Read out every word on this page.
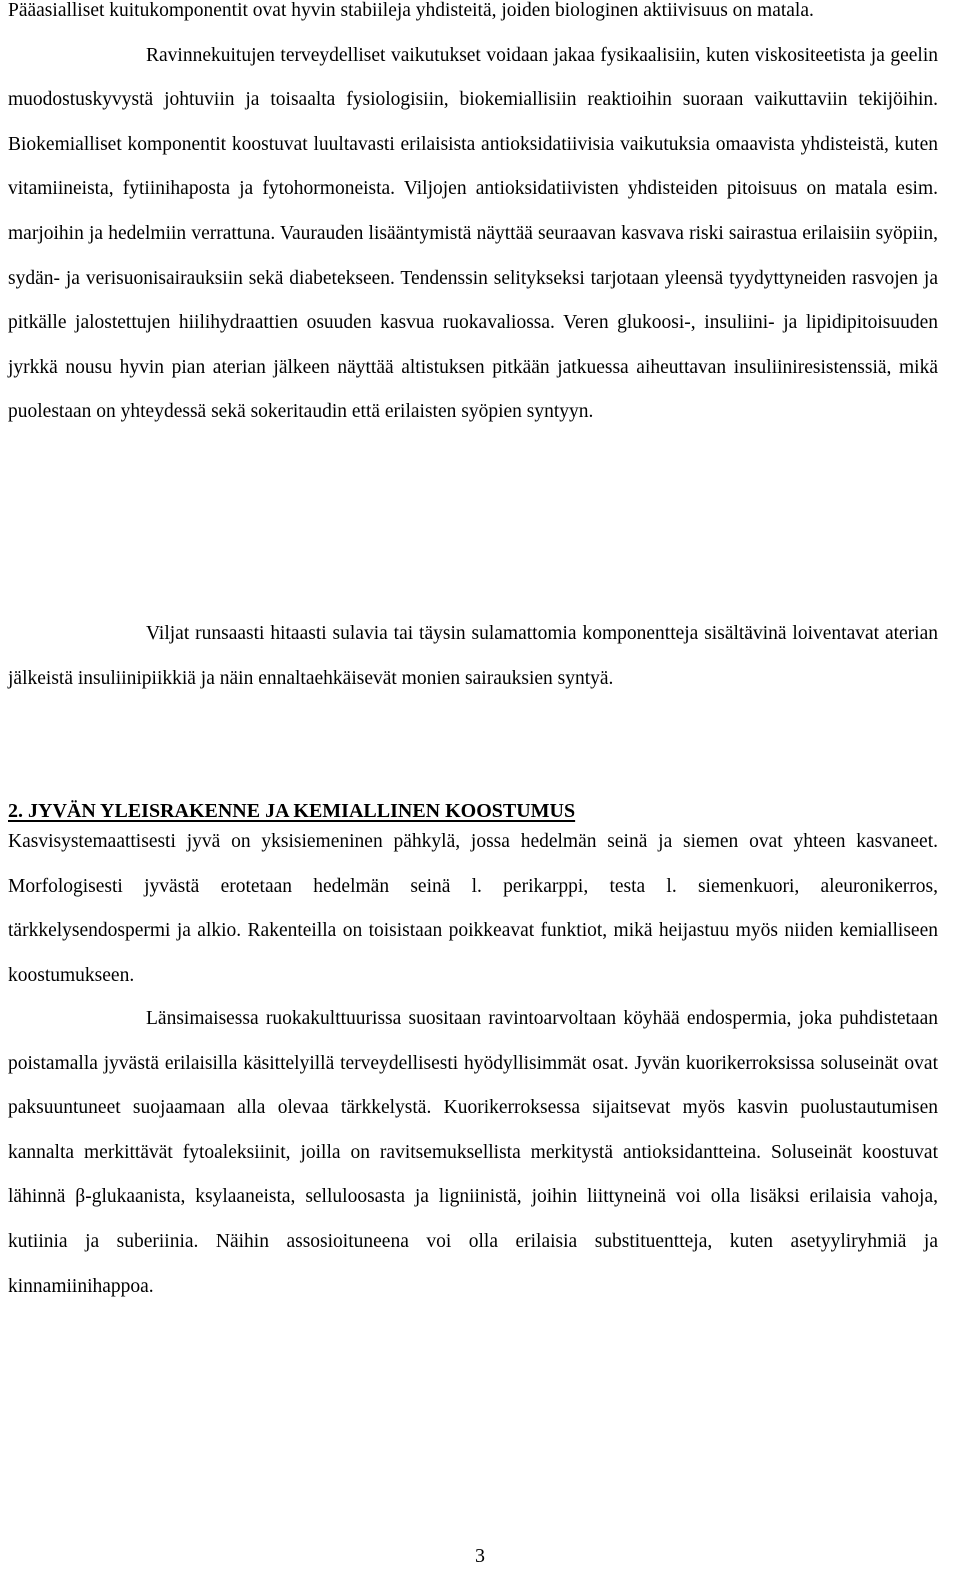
Pääasialliset kuitukomponentit ovat hyvin stabiileja yhdisteitä, joiden biologinen aktiivisuus on matala.
Ravinnekuitujen terveydelliset vaikutukset voidaan jakaa fysikaalisiin, kuten viskositeetista ja geelin muodostuskyvystä johtuviin ja toisaalta fysiologisiin, biokemiallisiin reaktioihin suoraan vaikuttaviin tekijöihin. Biokemialliset komponentit koostuvat luultavasti erilaisista antioksidatiivisia vaikutuksia omaavista yhdisteistä, kuten vitamiineista, fytiinihaposta ja fytohormoneista. Viljojen antioksidatiivisten yhdisteiden pitoisuus on matala esim. marjoihin ja hedelmiin verrattuna. Vaurauden lisääntymistä näyttää seuraavan kasvava riski sairastua erilaisiin syöpiin, sydän- ja verisuonisairauksiin sekä diabetekseen. Tendenssin selitykseksi tarjotaan yleensä tyydyttyneiden rasvojen ja pitkälle jalostettujen hiilihydraattien osuuden kasvua ruokavaliossa. Veren glukoosi-, insuliini- ja lipidipitoisuuden jyrkkä nousu hyvin pian aterian jälkeen näyttää altistuksen pitkään jatkuessa aiheuttavan insuliiniresistenssiä, mikä puolestaan on yhteydessä sekä sokeritaudin että erilaisten syöpien syntyyn.

Viljat runsaasti hitaasti sulavia tai täysin sulamattomia komponentteja sisältävinä loiventavat aterian jälkeistä insuliinipiikkiä ja näin ennaltaehkäisevät monien sairauksien syntyä.

2. JYVÄN YLEISRAKENNE JA KEMIALLINEN KOOSTUMUS

Kasvisystemaattisesti jyvä on yksisiemeninen pähkylä, jossa hedelmän seinä ja siemen ovat yhteen kasvaneet. Morfologisesti jyvästä erotetaan hedelmän seinä l. perikarppi, testa l. siemenkuori, aleuronikerros, tärkkelysendospermi ja alkio. Rakenteilla on toisistaan poikkeavat funktiot, mikä heijastuu myös niiden kemialliseen koostumukseen.

Länsimaisessa ruokakulttuurissa suositaan ravintoarvoltaan köyhää endospermia, joka puhdistetaan poistamalla jyvästä erilaisilla käsittelyillä terveydellisesti hyödyllisimmät osat. Jyvän kuorikerroksissa soluseinät ovat paksuuntuneet suojaamaan alla olevaa tärkkelystä. Kuorikerroksessa sijaitsevat myös kasvin puolustautumisen kannalta merkittävät fytoaleksiinit, joilla on ravitsemuksellista merkitystä antioksidantteina. Soluseinät koostuvat lähinnä β-glukaanista, ksylaaneista, selluloosasta ja ligniinistä, joihin liittyneinä voi olla lisäksi erilaisia vahoja, kutiinia ja suberiinia. Näihin assosioituneena voi olla erilaisia substituentteja, kuten asetyyliryhmiä ja kinnamiinihappoa.

3
